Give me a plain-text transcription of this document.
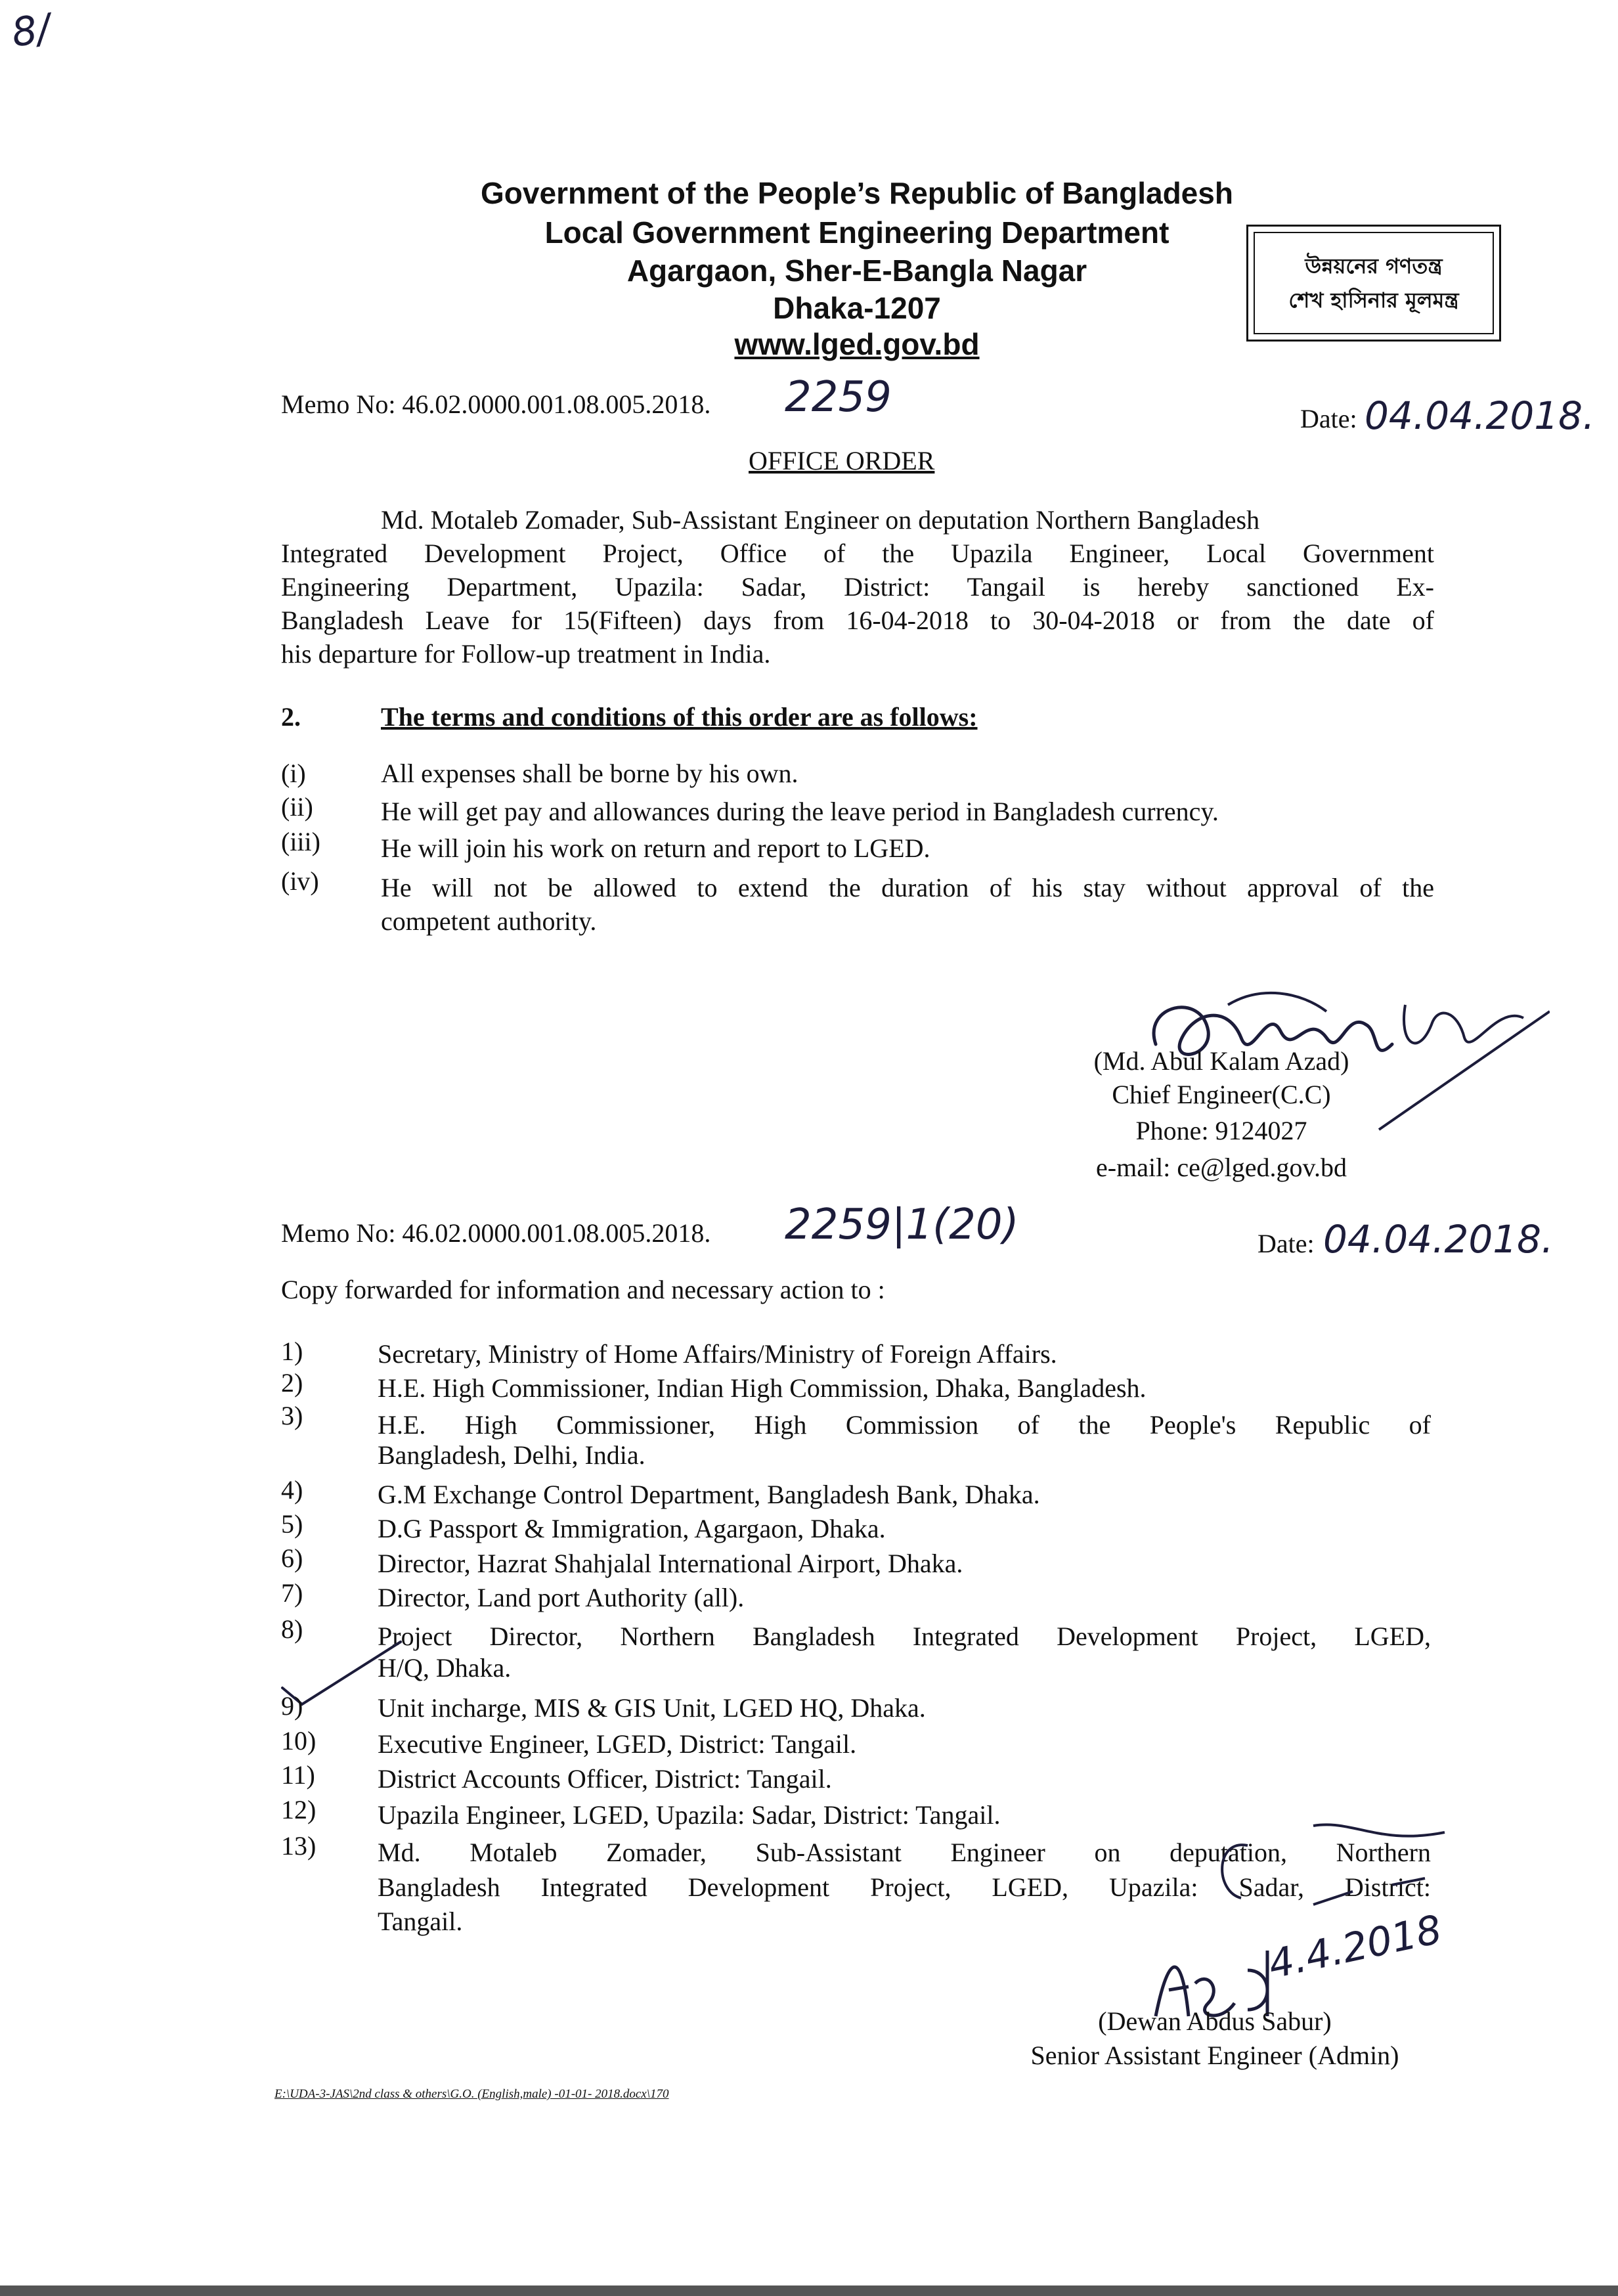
8/
Government of the People’s Republic of Bangladesh
Local Government Engineering Department
Agargaon, Sher-E-Bangla Nagar
Dhaka-1207
www.lged.gov.bd
উন্নয়নের গণতন্ত্র
শেখ হাসিনার মূলমন্ত্র
Memo No: 46.02.0000.001.08.005.2018. 2259	Date: 04.04.2018.
OFFICE ORDER
Md. Motaleb Zomader, Sub-Assistant Engineer on deputation Northern Bangladesh
Integrated Development Project, Office of the Upazila Engineer, Local Government
Engineering Department, Upazila: Sadar, District: Tangail is hereby sanctioned Ex-
Bangladesh Leave for 15(Fifteen) days from 16-04-2018 to 30-04-2018 or from the date of
his departure for Follow-up treatment in India.
2.	The terms and conditions of this order are as follows:
(i)	All expenses shall be borne by his own.
(ii)	He will get pay and allowances during the leave period in Bangladesh currency.
(iii) He will join his work on return and report to LGED.
(iv) He will not be allowed to extend the duration of his stay without approval of the
competent authority.
(Md. Abul Kalam Azad)
Chief Engineer(C.C)
Phone: 9124027
e-mail: ce@lged.gov.bd
Memo No: 46.02.0000.001.08.005.2018. 2259|1(20)	Date: 04.04.2018.
Copy forwarded for information and necessary action to :
1)	Secretary, Ministry of Home Affairs/Ministry of Foreign Affairs.
2)	H.E. High Commissioner, Indian High Commission, Dhaka, Bangladesh.
3)	H.E. High Commissioner, High Commission of the People's Republic of
Bangladesh, Delhi, India.
4)	G.M Exchange Control Department, Bangladesh Bank, Dhaka.
5)	D.G Passport & Immigration, Agargaon, Dhaka.
6)	Director, Hazrat Shahjalal International Airport, Dhaka.
7)	Director, Land port Authority (all).
8)	Project Director, Northern Bangladesh Integrated Development Project, LGED,
H/Q, Dhaka.
9)	Unit incharge, MIS & GIS Unit, LGED HQ, Dhaka.
10) Executive Engineer, LGED, District: Tangail.
11) District Accounts Officer, District: Tangail.
12) Upazila Engineer, LGED, Upazila: Sadar, District: Tangail.
13) Md. Motaleb Zomader, Sub-Assistant Engineer on deputation, Northern
Bangladesh Integrated Development Project, LGED, Upazila: Sadar, District:
Tangail.	4.4.2018
(Dewan Abdus Sabur)
Senior Assistant Engineer (Admin)
E:\UDA-3-JAS\2nd class & others\G.O. (English,male) -01-01- 2018.docx\170
